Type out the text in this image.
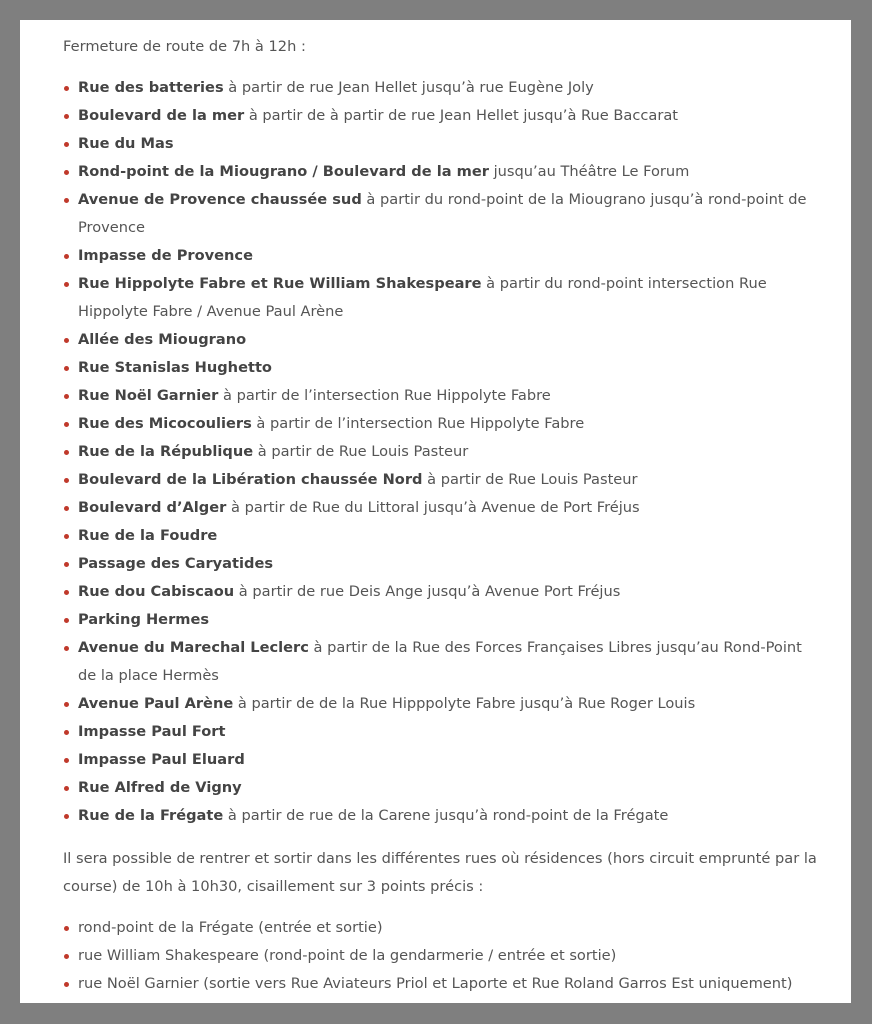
Fermeture de route de 7h à 12h :

Rue des batteries à partir de rue Jean Hellet jusqu’à rue Eugène Joly
Boulevard de la mer à partir de à partir de rue Jean Hellet jusqu’à Rue Baccarat
Rue du Mas
Rond-point de la Miougrano / Boulevard de la mer jusqu’au Théâtre Le Forum
Avenue de Provence chaussée sud à partir du rond-point de la Miougrano jusqu’à rond-point de Provence
Impasse de Provence
Rue Hippolyte Fabre et Rue William Shakespeare à partir du rond-point intersection Rue Hippolyte Fabre / Avenue Paul Arène
Allée des Miougrano
Rue Stanislas Hughetto
Rue Noël Garnier à partir de l’intersection Rue Hippolyte Fabre
Rue des Micocouliers à partir de l’intersection Rue Hippolyte Fabre
Rue de la République à partir de Rue Louis Pasteur
Boulevard de la Libération chaussée Nord à partir de Rue Louis Pasteur
Boulevard d’Alger à partir de Rue du Littoral jusqu’à Avenue de Port Fréjus
Rue de la Foudre
Passage des Caryatides
Rue dou Cabiscaou à partir de rue Deis Ange jusqu’à Avenue Port Fréjus
Parking Hermes
Avenue du Marechal Leclerc à partir de la Rue des Forces Françaises Libres jusqu’au Rond-Point de la place Hermès
Avenue Paul Arène à partir de de la Rue Hipppolyte Fabre jusqu’à Rue Roger Louis
Impasse Paul Fort
Impasse Paul Eluard
Rue Alfred de Vigny
Rue de la Frégate à partir de rue de la Carene jusqu’à rond-point de la Frégate

Il sera possible de rentrer et sortir dans les différentes rues où résidences (hors circuit emprunté par la course) de 10h à 10h30, cisaillement sur 3 points précis :

rond-point de la Frégate (entrée et sortie)
rue William Shakespeare (rond-point de la gendarmerie / entrée et sortie)
rue Noël Garnier (sortie vers Rue Aviateurs Priol et Laporte et Rue Roland Garros Est uniquement)
